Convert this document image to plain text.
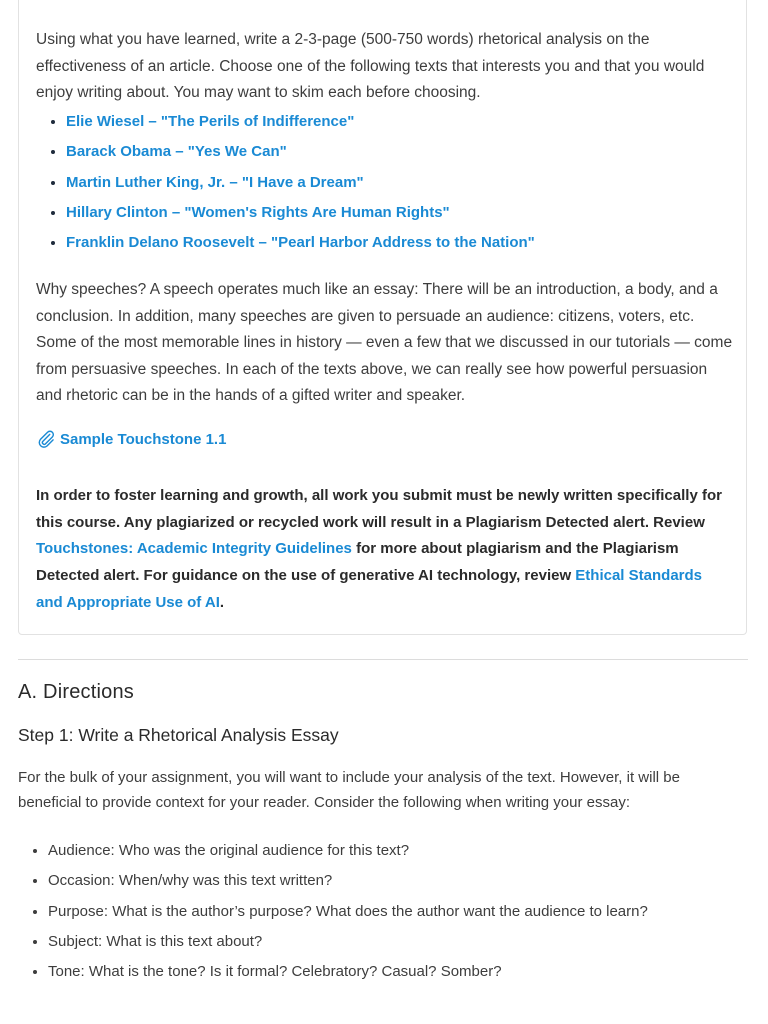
Using what you have learned, write a 2-3-page (500-750 words) rhetorical analysis on the effectiveness of an article. Choose one of the following texts that interests you and that you would enjoy writing about. You may want to skim each before choosing.

• Elie Wiesel – "The Perils of Indifference"
• Barack Obama – "Yes We Can"
• Martin Luther King, Jr. – "I Have a Dream"
• Hillary Clinton – "Women's Rights Are Human Rights"
• Franklin Delano Roosevelt – "Pearl Harbor Address to the Nation"

Why speeches? A speech operates much like an essay: There will be an introduction, a body, and a conclusion. In addition, many speeches are given to persuade an audience: citizens, voters, etc. Some of the most memorable lines in history — even a few that we discussed in our tutorials — come from persuasive speeches. In each of the texts above, we can really see how powerful persuasion and rhetoric can be in the hands of a gifted writer and speaker.

Sample Touchstone 1.1

In order to foster learning and growth, all work you submit must be newly written specifically for this course. Any plagiarized or recycled work will result in a Plagiarism Detected alert. Review Touchstones: Academic Integrity Guidelines for more about plagiarism and the Plagiarism Detected alert. For guidance on the use of generative AI technology, review Ethical Standards and Appropriate Use of AI.

A. Directions
Step 1: Write a Rhetorical Analysis Essay

For the bulk of your assignment, you will want to include your analysis of the text. However, it will be beneficial to provide context for your reader. Consider the following when writing your essay:

• Audience: Who was the original audience for this text?
• Occasion: When/why was this text written?
• Purpose: What is the author’s purpose? What does the author want the audience to learn?
• Subject: What is this text about?
• Tone: What is the tone? Is it formal? Celebratory? Casual? Somber?
